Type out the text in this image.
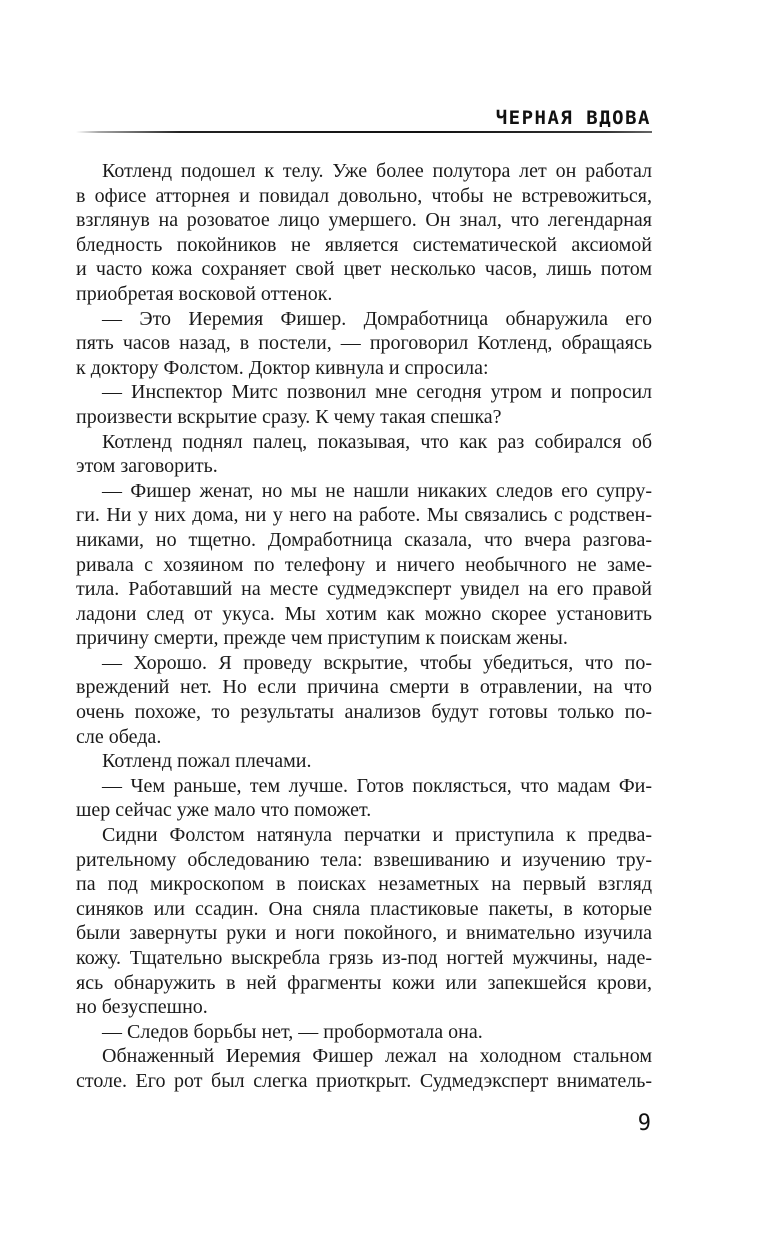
ЧЕРНАЯ ВДОВА
Котленд подошел к телу. Уже более полутора лет он работал
в офисе атторнея и повидал довольно, чтобы не встревожиться,
взглянув на розоватое лицо умершего. Он знал, что легендарная
бледность покойников не является систематической аксиомой
и часто кожа сохраняет свой цвет несколько часов, лишь потом
приобретая восковой оттенок.
— Это Иеремия Фишер. Домработница обнаружила его
пять часов назад, в постели, — проговорил Котленд, обращаясь
к доктору Фолстом. Доктор кивнула и спросила:
— Инспектор Митс позвонил мне сегодня утром и попросил
произвести вскрытие сразу. К чему такая спешка?
Котленд поднял палец, показывая, что как раз собирался об
этом заговорить.
— Фишер женат, но мы не нашли никаких следов его супру-
ги. Ни у них дома, ни у него на работе. Мы связались с родствен-
никами, но тщетно. Домработница сказала, что вчера разгова-
ривала с хозяином по телефону и ничего необычного не заме-
тила. Работавший на месте судмедэксперт увидел на его правой
ладони след от укуса. Мы хотим как можно скорее установить
причину смерти, прежде чем приступим к поискам жены.
— Хорошо. Я проведу вскрытие, чтобы убедиться, что по-
вреждений нет. Но если причина смерти в отравлении, на что
очень похоже, то результаты анализов будут готовы только по-
сле обеда.
Котленд пожал плечами.
— Чем раньше, тем лучше. Готов поклясться, что мадам Фи-
шер сейчас уже мало что поможет.
Сидни Фолстом натянула перчатки и приступила к предва-
рительному обследованию тела: взвешиванию и изучению тру-
па под микроскопом в поисках незаметных на первый взгляд
синяков или ссадин. Она сняла пластиковые пакеты, в которые
были завернуты руки и ноги покойного, и внимательно изучила
кожу. Тщательно выскребла грязь из-под ногтей мужчины, наде-
ясь обнаружить в ней фрагменты кожи или запекшейся крови,
но безуспешно.
— Следов борьбы нет, — пробормотала она.
Обнаженный Иеремия Фишер лежал на холодном стальном
столе. Его рот был слегка приоткрыт. Судмедэксперт вниматель-
9
